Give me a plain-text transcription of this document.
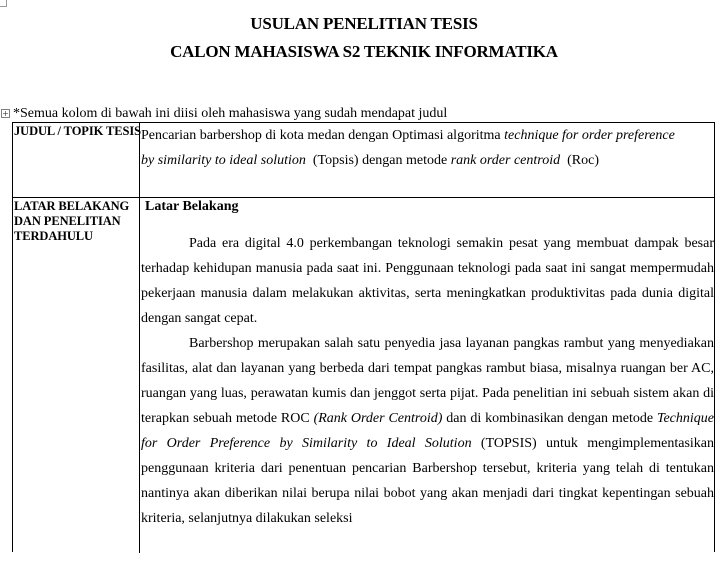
USULAN PENELITIAN TESIS
CALON MAHASISWA S2 TEKNIK INFORMATIKA
+ *Semua kolom di bawah ini diisi oleh mahasiswa yang sudah mendapat judul
JUDUL / TOPIK TESIS Pencarian barbershop di kota medan dengan Optimasi algoritma technique for order preference
by similarity to ideal solution  (Topsis) dengan metode rank order centroid  (Roc)
LATAR BELAKANG DAN PENELITIAN TERDAHULU
Latar Belakang

Pada era digital 4.0 perkembangan teknologi semakin pesat yang membuat dampak besar terhadap kehidupan manusia pada saat ini. Penggunaan teknologi pada saat ini sangat mempermudah pekerjaan manusia dalam melakukan aktivitas, serta meningkatkan produktivitas pada dunia digital dengan sangat cepat.

Barbershop merupakan salah satu penyedia jasa layanan pangkas rambut yang menyediakan fasilitas, alat dan layanan yang berbeda dari tempat pangkas rambut biasa, misalnya ruangan ber AC, ruangan yang luas, perawatan kumis dan jenggot serta pijat. Pada penelitian ini sebuah sistem akan di terapkan sebuah metode ROC (Rank Order Centroid) dan di kombinasikan dengan metode Technique for Order Preference by Similarity to Ideal Solution (TOPSIS) untuk mengimplementasikan penggunaan kriteria dari penentuan pencarian Barbershop tersebut, kriteria yang telah di tentukan nantinya akan diberikan nilai berupa nilai bobot yang akan menjadi dari tingkat kepentingan sebuah kriteria, selanjutnya dilakukan seleksi
